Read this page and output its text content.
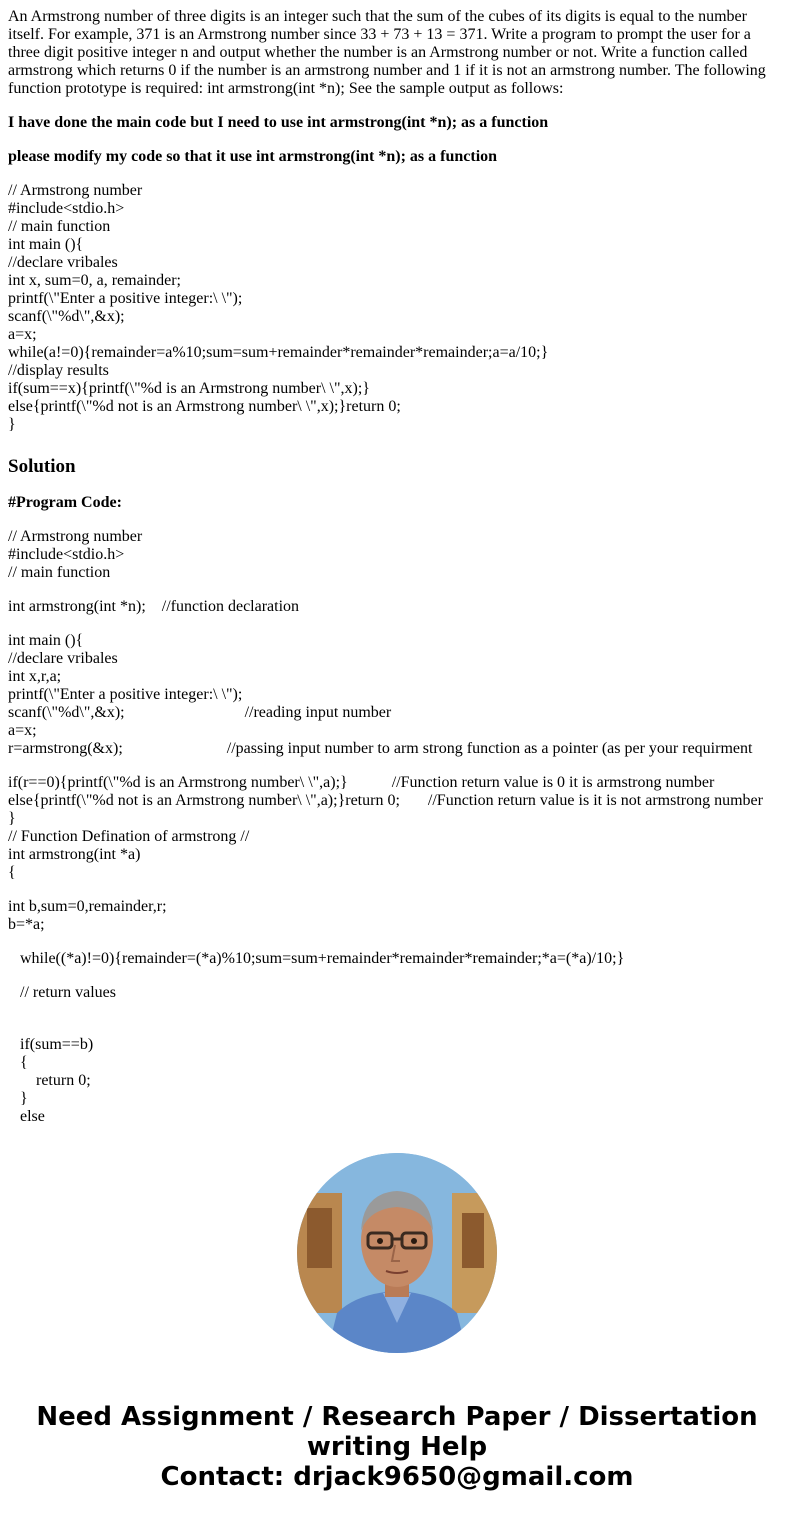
An Armstrong number of three digits is an integer such that the sum of the cubes of its digits is equal to the number itself. For example, 371 is an Armstrong number since 33 + 73 + 13 = 371. Write a program to prompt the user for a three digit positive integer n and output whether the number is an Armstrong number or not. Write a function called armstrong which returns 0 if the number is an armstrong number and 1 if it is not an armstrong number. The following function prototype is required: int armstrong(int *n); See the sample output as follows:

I have done the main code but I need to use int armstrong(int *n); as a function

please modify my code so that it use int armstrong(int *n); as a function

// Armstrong number
#include<stdio.h>
// main function
int main (){
//declare vribales
int x, sum=0, a, remainder;
printf(\"Enter a positive integer:\ \");
scanf(\"%d\",&x);
a=x;
while(a!=0){remainder=a%10;sum=sum+remainder*remainder*remainder;a=a/10;}
//display results
if(sum==x){printf(\"%d is an Armstrong number\ \",x);}
else{printf(\"%d not is an Armstrong number\ \",x);}return 0;
}
Solution
#Program Code:
// Armstrong number
#include<stdio.h>
// main function
int armstrong(int *n);    //function declaration
int main (){
//declare vribales
int x,r,a;
printf(\"Enter a positive integer:\ \");
scanf(\"%d\",&x);                              //reading input number
a=x;
r=armstrong(&x);                          //passing input number to arm strong function as a pointer (as per your requirment
if(r==0){printf(\"%d is an Armstrong number\ \",a);}           //Function return value is 0 it is armstrong number
else{printf(\"%d not is an Armstrong number\ \",a);}return 0;       //Function return value is it is not armstrong number
}
// Function Defination of armstrong //
int armstrong(int *a)
{
int b,sum=0,remainder,r;
b=*a;
while((*a)!=0){remainder=(*a)%10;sum=sum+remainder*remainder*remainder;*a=(*a)/10;}
// return values
if(sum==b)
{
return 0;
}
else
Need Assignment / Research Paper / Dissertation
writing Help
Contact: drjack9650@gmail.com
